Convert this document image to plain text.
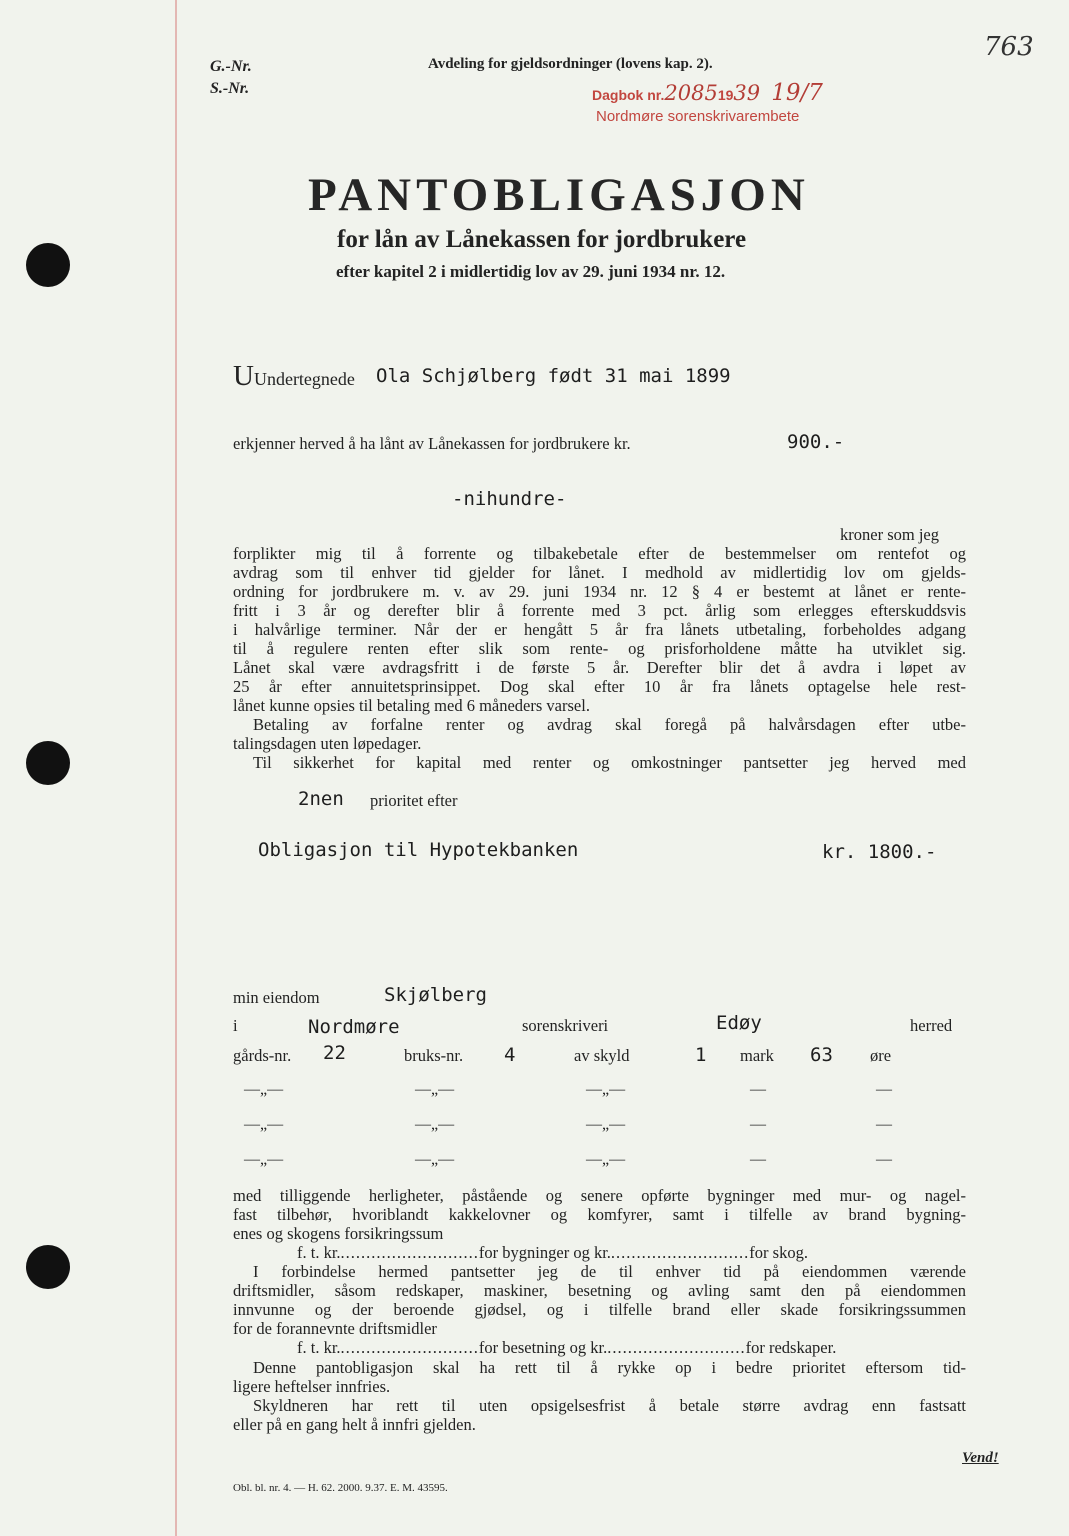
G.-Nr.
S.-Nr.
Avdeling for gjeldsordninger (lovens kap. 2).
Dagbok nr.20851939 19/7
Nordmøre sorenskrivarembete
763
PANTOBLIGASJON
for lån av Lånekassen for jordbrukere
efter kapitel 2 i midlertidig lov av 29. juni 1934 nr. 12.
UUndertegnede Ola Schjølberg født 31 mai 1899
erkjenner herved å ha lånt av Lånekassen for jordbrukere kr.	900.-
-nihundre-
kroner som jeg
forplikter mig til å forrente og tilbakebetale efter de bestemmelser om rentefot og
avdrag som til enhver tid gjelder for lånet. I medhold av midlertidig lov om gjelds-
ordning for jordbrukere m. v. av 29. juni 1934 nr. 12 § 4 er bestemt at lånet er rente-
fritt i 3 år og derefter blir å forrente med 3 pct. årlig som erlegges efterskuddsvis
i halvårlige terminer. Når der er hengått 5 år fra lånets utbetaling, forbeholdes adgang
til å regulere renten efter slik som rente- og prisforholdene måtte ha utviklet sig.
Lånet skal være avdragsfritt i de første 5 år. Derefter blir det å avdra i løpet av
25 år efter annuitetsprinsippet. Dog skal efter 10 år fra lånets optagelse hele rest-
lånet kunne opsies til betaling med 6 måneders varsel.
Betaling av forfalne renter og avdrag skal foregå på halvårsdagen efter utbe-
talingsdagen uten løpedager.
Til sikkerhet for kapital med renter og omkostninger pantsetter jeg herved med
2nen prioritet efter
Obligasjon til Hypotekbanken	kr. 1800.-
min eiendom	Skjølberg
i	Nordmøre	sorenskriveri	Edøy	herred
gårds-nr. 22	bruks-nr. 4	av skyld	1 mark 63 øre
—„—	—„—	—„—	—	—
—„—	—„—	—„—	—	—
—„—	—„—	—„—	—	—
med tilliggende herligheter, påstående og senere opførte bygninger med mur- og nagel-
fast tilbehør, hvoriblandt kakkelovner og komfyrer, samt i tilfelle av brand bygning-
enes og skogens forsikringssum
f. t. kr............................for bygninger og kr............................for skog.
I forbindelse hermed pantsetter jeg de til enhver tid på eiendommen værende
driftsmidler, såsom redskaper, maskiner, besetning og avling samt den på eiendommen
innvunne og der beroende gjødsel, og i tilfelle brand eller skade forsikringssummen
for de forannevnte driftsmidler
f. t. kr............................for besetning og kr............................for redskaper.
Denne pantobligasjon skal ha rett til å rykke op i bedre prioritet eftersom tid-
ligere heftelser innfries.
Skyldneren har rett til uten opsigelsesfrist å betale større avdrag enn fastsatt
eller på en gang helt å innfri gjelden.
Obl. bl. nr. 4. — H. 62. 2000. 9.37. E. M. 43595.
Vend!
